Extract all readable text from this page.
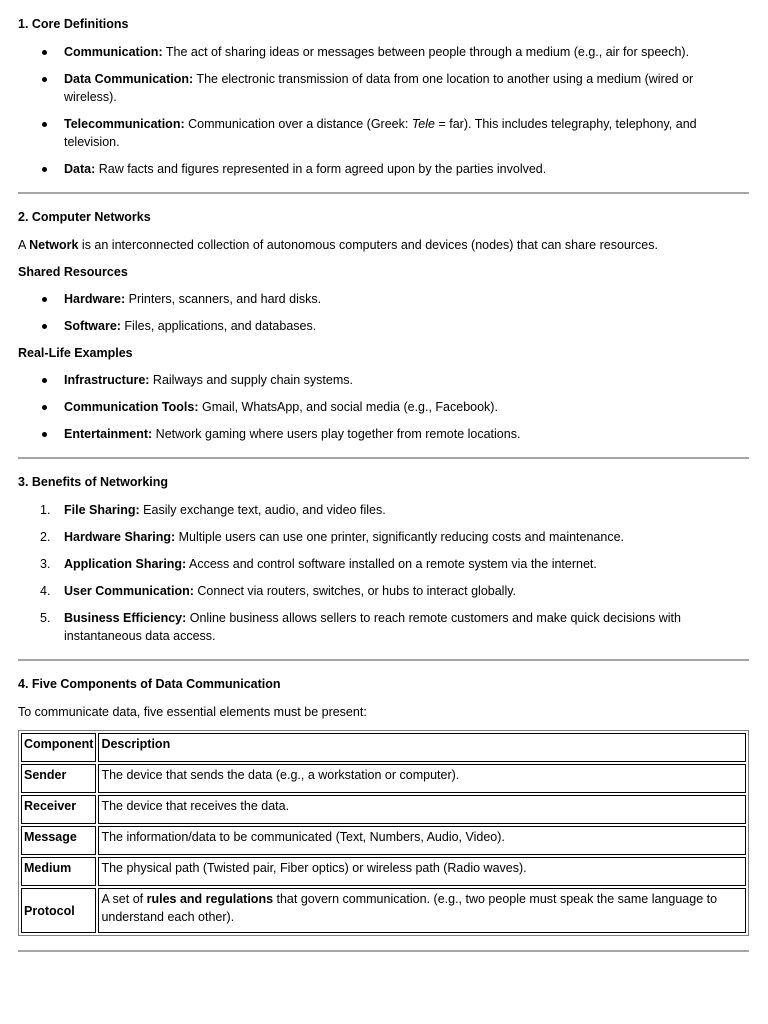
1. Core Definitions
Communication: The act of sharing ideas or messages between people through a medium (e.g., air for speech).
Data Communication: The electronic transmission of data from one location to another using a medium (wired or wireless).
Telecommunication: Communication over a distance (Greek: Tele = far). This includes telegraphy, telephony, and television.
Data: Raw facts and figures represented in a form agreed upon by the parties involved.
2. Computer Networks
A Network is an interconnected collection of autonomous computers and devices (nodes) that can share resources.
Shared Resources
Hardware: Printers, scanners, and hard disks.
Software: Files, applications, and databases.
Real-Life Examples
Infrastructure: Railways and supply chain systems.
Communication Tools: Gmail, WhatsApp, and social media (e.g., Facebook).
Entertainment: Network gaming where users play together from remote locations.
3. Benefits of Networking
1. File Sharing: Easily exchange text, audio, and video files.
2. Hardware Sharing: Multiple users can use one printer, significantly reducing costs and maintenance.
3. Application Sharing: Access and control software installed on a remote system via the internet.
4. User Communication: Connect via routers, switches, or hubs to interact globally.
5. Business Efficiency: Online business allows sellers to reach remote customers and make quick decisions with instantaneous data access.
4. Five Components of Data Communication
To communicate data, five essential elements must be present:
Component	Description
Sender	The device that sends the data (e.g., a workstation or computer).
Receiver	The device that receives the data.
Message	The information/data to be communicated (Text, Numbers, Audio, Video).
Medium	The physical path (Twisted pair, Fiber optics) or wireless path (Radio waves).
Protocol	A set of rules and regulations that govern communication. (e.g., two people must speak the same language to understand each other).
